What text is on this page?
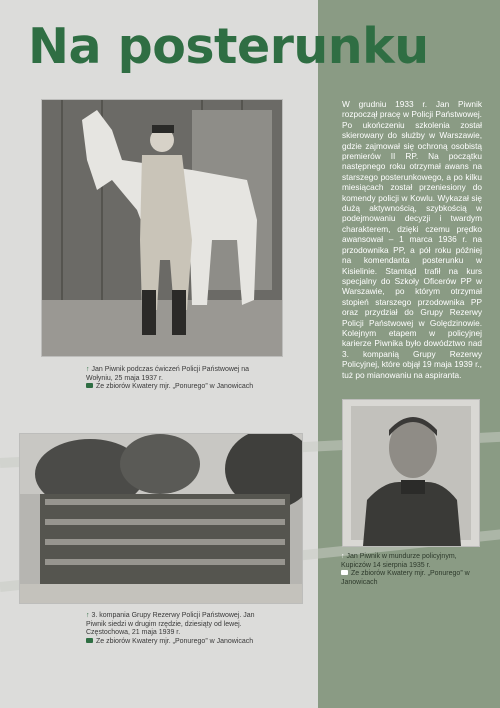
Na posterunku
↑ Jan Piwnik podczas ćwiczeń Policji Państwowej na Wołyniu, 25 maja 1937 r.
Ze zbiorów Kwatery mjr. „Ponurego” w Janowicach
↑ 3. kompania Grupy Rezerwy Policji Państwowej. Jan Piwnik siedzi w drugim rzędzie, dziesiąty od lewej. Częstochowa, 21 maja 1939 r.
Ze zbiorów Kwatery mjr. „Ponurego” w Janowicach
W grudniu 1933 r. Jan Piwnik rozpoczął pracę w Policji Państwowej. Po ukończeniu szkolenia został skierowany do służby w Warszawie, gdzie zajmował się ochroną osobistą premierów II RP. Na początku następnego roku otrzymał awans na starszego posterunkowego, a po kilku miesiącach został przeniesiony do komendy policji w Kowlu. Wykazał się dużą aktywnością, szybkością w podejmowaniu decyzji i twardym charakterem, dzięki czemu prędko awansował – 1 marca 1936 r. na przodownika PP, a pół roku później na komendanta posterunku w Kisielinie. Stamtąd trafił na kurs specjalny do Szkoły Oficerów PP w Warszawie, po którym otrzymał stopień starszego przodownika PP oraz przydział do Grupy Rezerwy Policji Państwowej w Golędzinowie. Kolejnym etapem w policyjnej karierze Piwnika było dowództwo nad 3. kompanią Grupy Rezerwy Policyjnej, które objął 19 maja 1939 r., tuż po mianowaniu na aspiranta.
↑ Jan Piwnik w mundurze policyjnym, Kupiczów 14 sierpnia 1935 r.
Ze zbiorów Kwatery mjr. „Ponurego” w Janowicach
